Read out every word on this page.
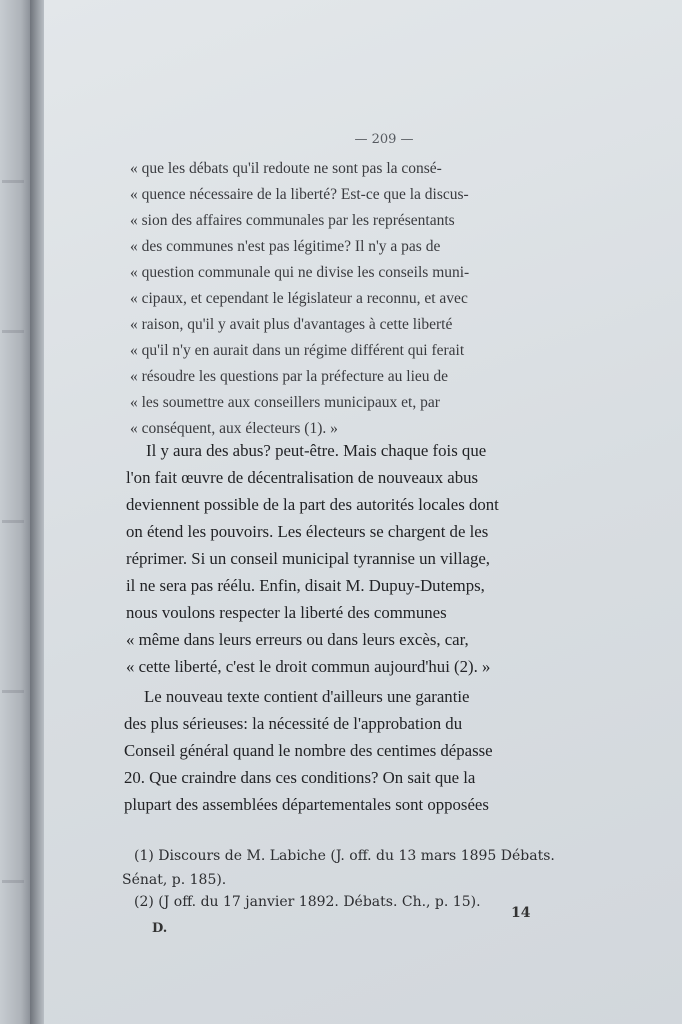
— 209 —
« que les débats qu'il redoute ne sont pas la consé-
« quence nécessaire de la liberté? Est-ce que la discus-
« sion des affaires communales par les représentants
« des communes n'est pas légitime? Il n'y a pas de
« question communale qui ne divise les conseils muni-
« cipaux, et cependant le législateur a reconnu, et avec
« raison, qu'il y avait plus d'avantages à cette liberté
« qu'il n'y en aurait dans un régime différent qui ferait
« résoudre les questions par la préfecture au lieu de
« les soumettre aux conseillers municipaux et, par
« conséquent, aux électeurs (1). »
Il y aura des abus? peut-être. Mais chaque fois que
l'on fait œuvre de décentralisation de nouveaux abus
deviennent possible de la part des autorités locales dont
on étend les pouvoirs. Les électeurs se chargent de les
réprimer. Si un conseil municipal tyrannise un village,
il ne sera pas réélu. Enfin, disait M. Dupuy-Dutemps,
nous voulons respecter la liberté des communes
« même dans leurs erreurs ou dans leurs excès, car,
« cette liberté, c'est le droit commun aujourd'hui (2). »
Le nouveau texte contient d'ailleurs une garantie
des plus sérieuses: la nécessité de l'approbation du
Conseil général quand le nombre des centimes dépasse
20. Que craindre dans ces conditions? On sait que la
plupart des assemblées départementales sont opposées
(1) Discours de M. Labiche (J. off. du 13 mars 1895 Débats.
Sénat, p. 185).
(2) (J off. du 17 janvier 1892. Débats. Ch., p. 15).
D.
14
